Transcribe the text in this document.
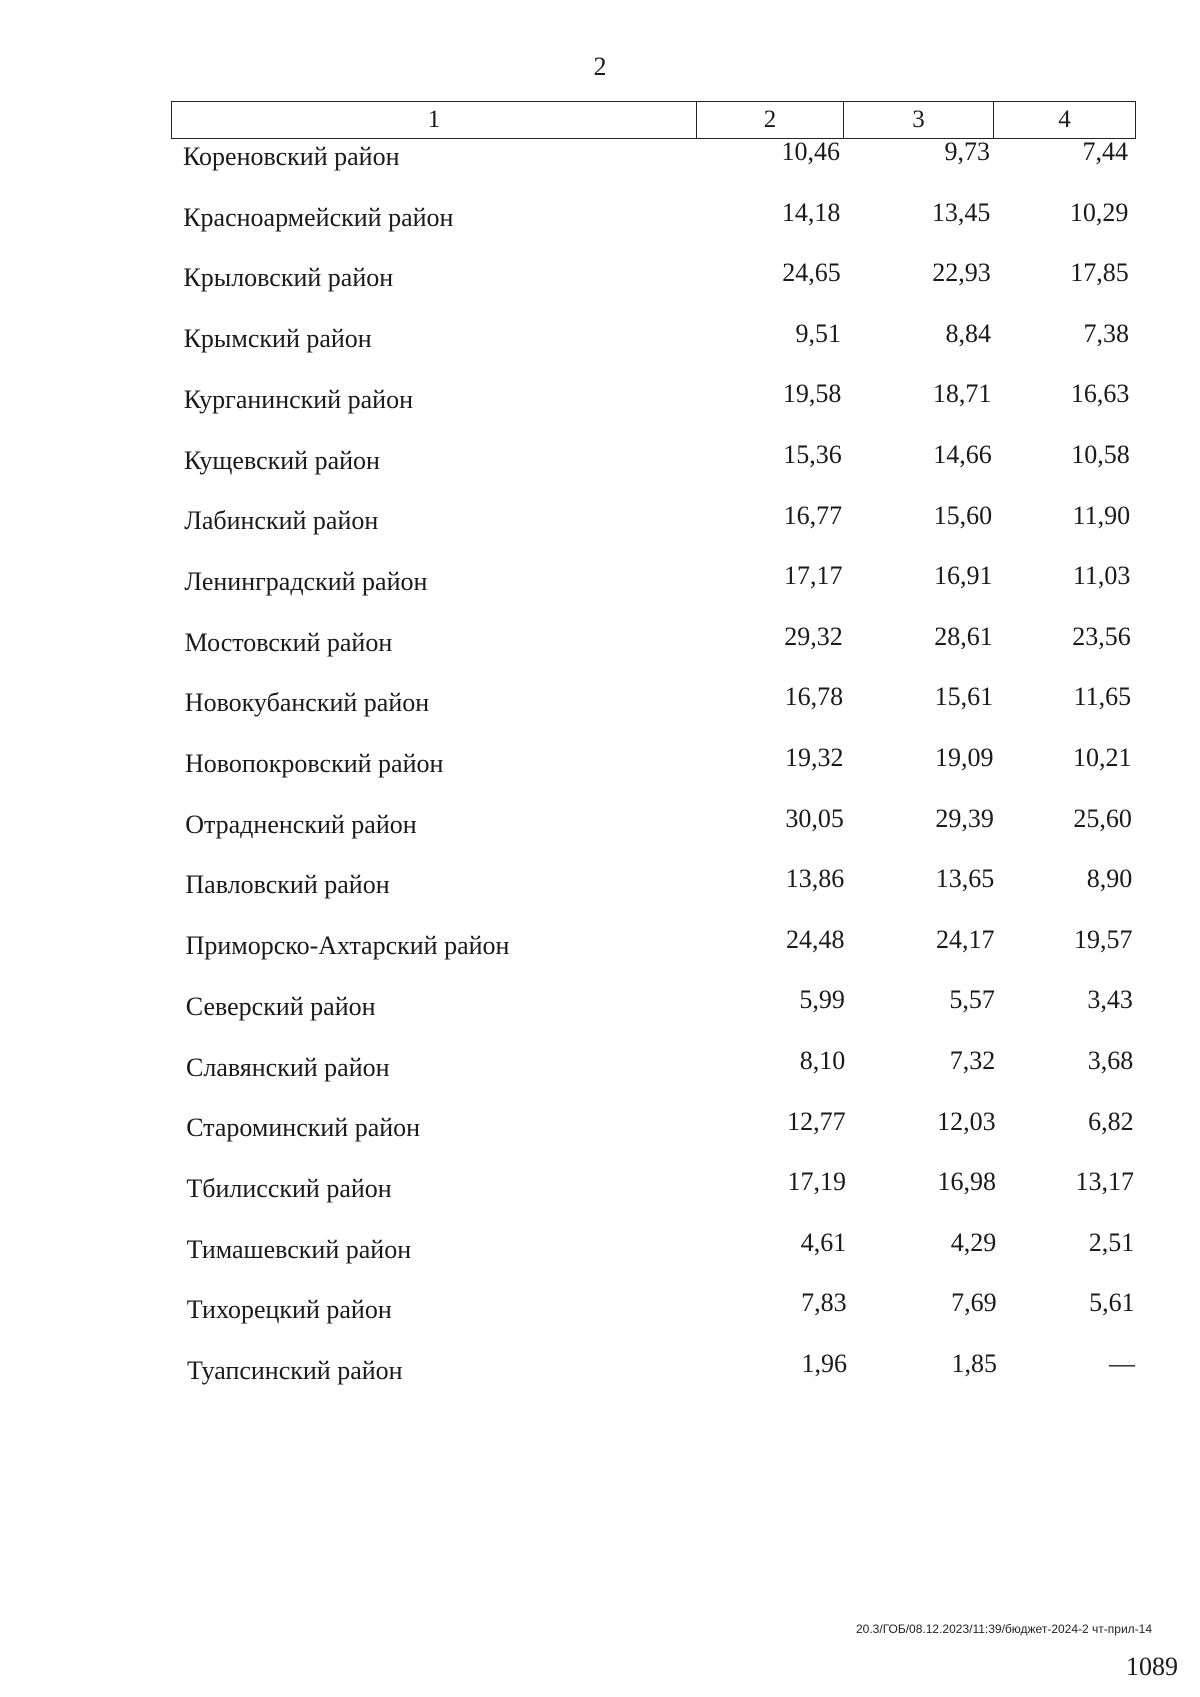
2
1	2	3	4
Кореновский район	10,46	9,73	7,44
Красноармейский район	14,18	13,45	10,29
Крыловский район	24,65	22,93	17,85
Крымский район	9,51	8,84	7,38
Курганинский район	19,58	18,71	16,63
Кущевский район	15,36	14,66	10,58
Лабинский район	16,77	15,60	11,90
Ленинградский район	17,17	16,91	11,03
Мостовский район	29,32	28,61	23,56
Новокубанский район	16,78	15,61	11,65
Новопокровский район	19,32	19,09	10,21
Отрадненский район	30,05	29,39	25,60
Павловский район	13,86	13,65	8,90
Приморско-Ахтарский район	24,48	24,17	19,57
Северский район	5,99	5,57	3,43
Славянский район	8,10	7,32	3,68
Староминский район	12,77	12,03	6,82
Тбилисский район	17,19	16,98	13,17
Тимашевский район	4,61	4,29	2,51
Тихорецкий район	7,83	7,69	5,61
Туапсинский район	1,96	1,85	—
20.3/ГОБ/08.12.2023/11:39/бюджет-2024-2 чт-прил-14
1089
